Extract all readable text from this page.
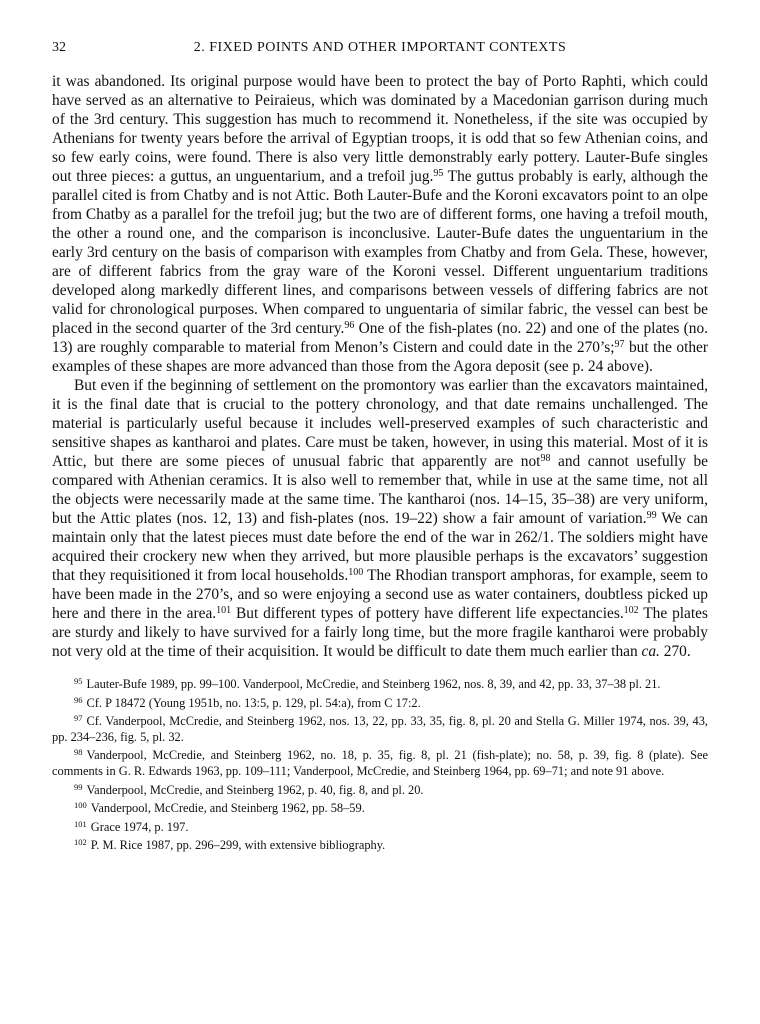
32	2. FIXED POINTS AND OTHER IMPORTANT CONTEXTS

it was abandoned. Its original purpose would have been to protect the bay of Porto Raphti, which could have served as an alternative to Peiraieus, which was dominated by a Macedonian garrison during much of the 3rd century. This suggestion has much to recommend it. Nonetheless, if the site was occupied by Athenians for twenty years before the arrival of Egyptian troops, it is odd that so few Athenian coins, and so few early coins, were found. There is also very little demonstrably early pottery. Lauter-Bufe singles out three pieces: a guttus, an unguentarium, and a trefoil jug.$^{95}$ The guttus probably is early, although the parallel cited is from Chatby and is not Attic. Both Lauter-Bufe and the Koroni excavators point to an olpe from Chatby as a parallel for the trefoil jug; but the two are of different forms, one having a trefoil mouth, the other a round one, and the comparison is inconclusive. Lauter-Bufe dates the unguentarium in the early 3rd century on the basis of comparison with examples from Chatby and from Gela. These, however, are of different fabrics from the gray ware of the Koroni vessel. Different unguentarium traditions developed along markedly different lines, and comparisons between vessels of differing fabrics are not valid for chronological purposes. When compared to unguentaria of similar fabric, the vessel can best be placed in the second quarter of the 3rd century.$^{96}$ One of the fish-plates (no. 22) and one of the plates (no. 13) are roughly comparable to material from Menon’s Cistern and could date in the 270’s;$^{97}$ but the other examples of these shapes are more advanced than those from the Agora deposit (see p. 24 above).

But even if the beginning of settlement on the promontory was earlier than the excavators maintained, it is the final date that is crucial to the pottery chronology, and that date remains unchallenged. The material is particularly useful because it includes well-preserved examples of such characteristic and sensitive shapes as kantharoi and plates. Care must be taken, however, in using this material. Most of it is Attic, but there are some pieces of unusual fabric that apparently are not$^{98}$ and cannot usefully be compared with Athenian ceramics. It is also well to remember that, while in use at the same time, not all the objects were necessarily made at the same time. The kantharoi (nos. 14–15, 35–38) are very uniform, but the Attic plates (nos. 12, 13) and fish-plates (nos. 19–22) show a fair amount of variation.$^{99}$ We can maintain only that the latest pieces must date before the end of the war in 262/1. The soldiers might have acquired their crockery new when they arrived, but more plausible perhaps is the excavators’ suggestion that they requisitioned it from local households.$^{100}$ The Rhodian transport amphoras, for example, seem to have been made in the 270’s, and so were enjoying a second use as water containers, doubtless picked up here and there in the area.$^{101}$ But different types of pottery have different life expectancies.$^{102}$ The plates are sturdy and likely to have survived for a fairly long time, but the more fragile kantharoi were probably not very old at the time of their acquisition. It would be difficult to date them much earlier than ca. 270.

$^{95}$ Lauter-Bufe 1989, pp. 99–100. Vanderpool, McCredie, and Steinberg 1962, nos. 8, 39, and 42, pp. 33, 37–38 pl. 21.
$^{96}$ Cf. P 18472 (Young 1951b, no. 13:5, p. 129, pl. 54:a), from C 17:2.
$^{97}$ Cf. Vanderpool, McCredie, and Steinberg 1962, nos. 13, 22, pp. 33, 35, fig. 8, pl. 20 and Stella G. Miller 1974, nos. 39, 43, pp. 234–236, fig. 5, pl. 32.
$^{98}$ Vanderpool, McCredie, and Steinberg 1962, no. 18, p. 35, fig. 8, pl. 21 (fish-plate); no. 58, p. 39, fig. 8 (plate). See comments in G. R. Edwards 1963, pp. 109–111; Vanderpool, McCredie, and Steinberg 1964, pp. 69–71; and note 91 above.
$^{99}$ Vanderpool, McCredie, and Steinberg 1962, p. 40, fig. 8, and pl. 20.
$^{100}$ Vanderpool, McCredie, and Steinberg 1962, pp. 58–59.
$^{101}$ Grace 1974, p. 197.
$^{102}$ P. M. Rice 1987, pp. 296–299, with extensive bibliography.
